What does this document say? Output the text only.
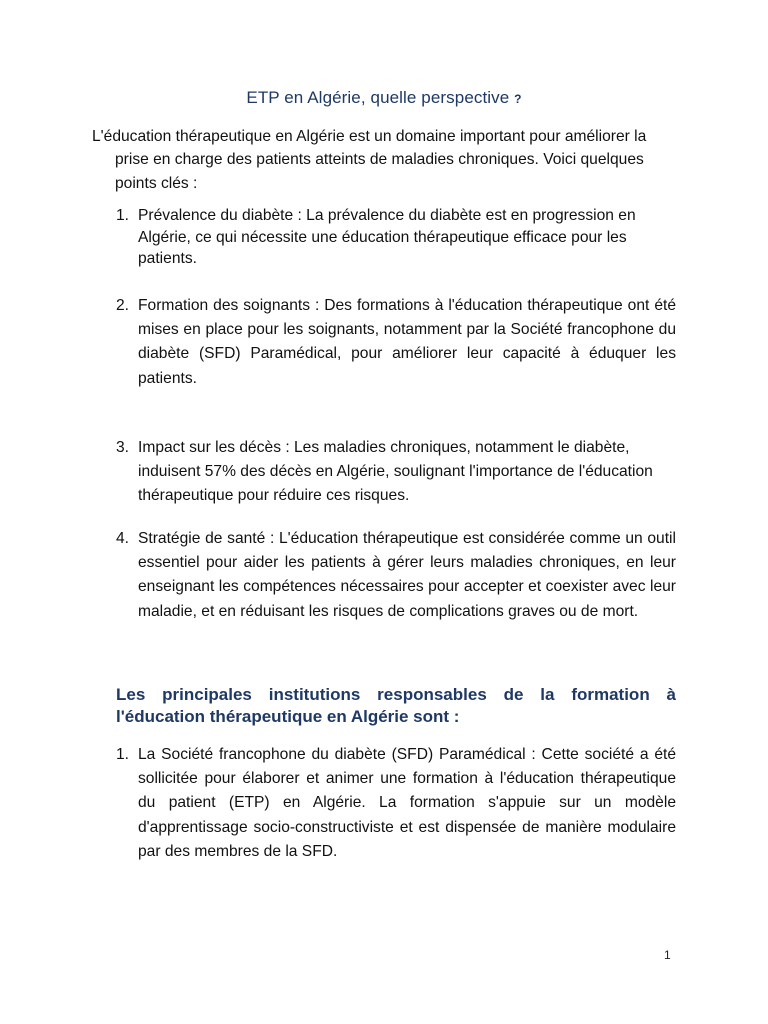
ETP en Algérie, quelle perspective ?

L'éducation thérapeutique en Algérie est un domaine important pour améliorer la prise en charge des patients atteints de maladies chroniques. Voici quelques points clés :

1. Prévalence du diabète : La prévalence du diabète est en progression en Algérie, ce qui nécessite une éducation thérapeutique efficace pour les patients.
2. Formation des soignants : Des formations à l'éducation thérapeutique ont été mises en place pour les soignants, notamment par la Société francophone du diabète (SFD) Paramédical, pour améliorer leur capacité à éduquer les patients.
3. Impact sur les décès : Les maladies chroniques, notamment le diabète, induisent 57% des décès en Algérie, soulignant l'importance de l'éducation thérapeutique pour réduire ces risques.
4. Stratégie de santé : L'éducation thérapeutique est considérée comme un outil essentiel pour aider les patients à gérer leurs maladies chroniques, en leur enseignant les compétences nécessaires pour accepter et coexister avec leur maladie, et en réduisant les risques de complications graves ou de mort.
Les principales institutions responsables de la formation à l'éducation thérapeutique en Algérie sont :
1. La Société francophone du diabète (SFD) Paramédical : Cette société a été sollicitée pour élaborer et animer une formation à l'éducation thérapeutique du patient (ETP) en Algérie. La formation s'appuie sur un modèle d'apprentissage socio-constructiviste et est dispensée de manière modulaire par des membres de la SFD.
1
